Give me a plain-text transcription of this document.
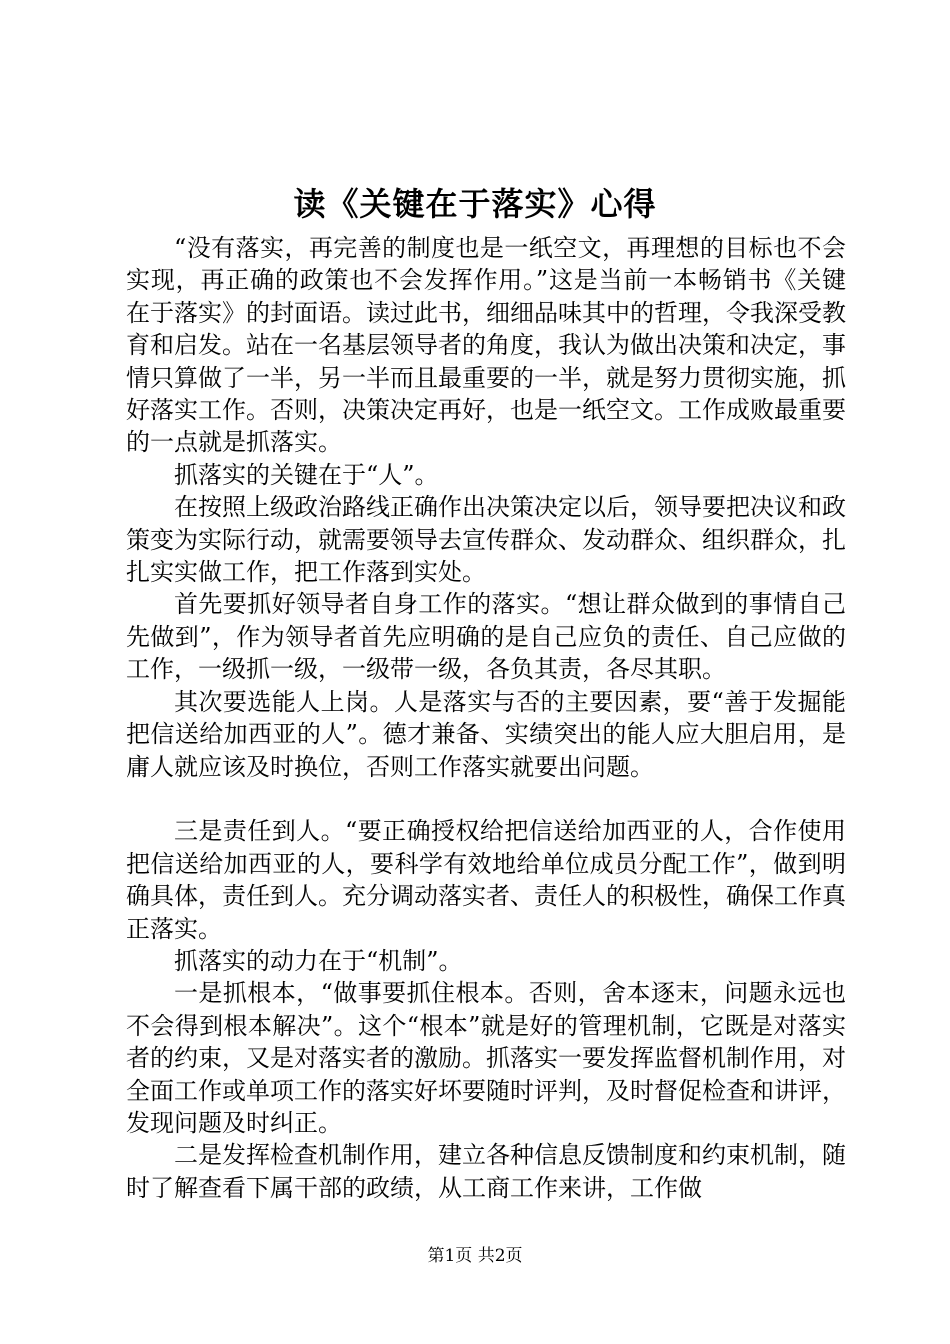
读《关键在于落实》心得

“没有落实，再完善的制度也是一纸空文，再理想的目标也不会实现，再正确的政策也不会发挥作用。”这是当前一本畅销书《关键在于落实》的封面语。读过此书，细细品味其中的哲理，令我深受教育和启发。站在一名基层领导者的角度，我认为做出决策和决定，事情只算做了一半，另一半而且最重要的一半，就是努力贯彻实施，抓好落实工作。否则，决策决定再好，也是一纸空文。工作成败最重要的一点就是抓落实。

抓落实的关键在于“人”。

在按照上级政治路线正确作出决策决定以后，领导要把决议和政策变为实际行动，就需要领导去宣传群众、发动群众、组织群众，扎扎实实做工作，把工作落到实处。

首先要抓好领导者自身工作的落实。“想让群众做到的事情自己先做到”，作为领导者首先应明确的是自己应负的责任、自己应做的工作，一级抓一级，一级带一级，各负其责，各尽其职。

其次要选能人上岗。人是落实与否的主要因素，要“善于发掘能把信送给加西亚的人”。德才兼备、实绩突出的能人应大胆启用，是庸人就应该及时换位，否则工作落实就要出问题。

三是责任到人。“要正确授权给把信送给加西亚的人，合作使用把信送给加西亚的人，要科学有效地给单位成员分配工作”，做到明确具体，责任到人。充分调动落实者、责任人的积极性，确保工作真正落实。

抓落实的动力在于“机制”。

一是抓根本，“做事要抓住根本。否则，舍本逐末，问题永远也不会得到根本解决”。这个“根本”就是好的管理机制，它既是对落实者的约束，又是对落实者的激励。抓落实一要发挥监督机制作用，对全面工作或单项工作的落实好坏要随时评判，及时督促检查和讲评，发现问题及时纠正。

二是发挥检查机制作用，建立各种信息反馈制度和约束机制，随时了解查看下属干部的政绩，从工商工作来讲，工作做

第1页 共2页
